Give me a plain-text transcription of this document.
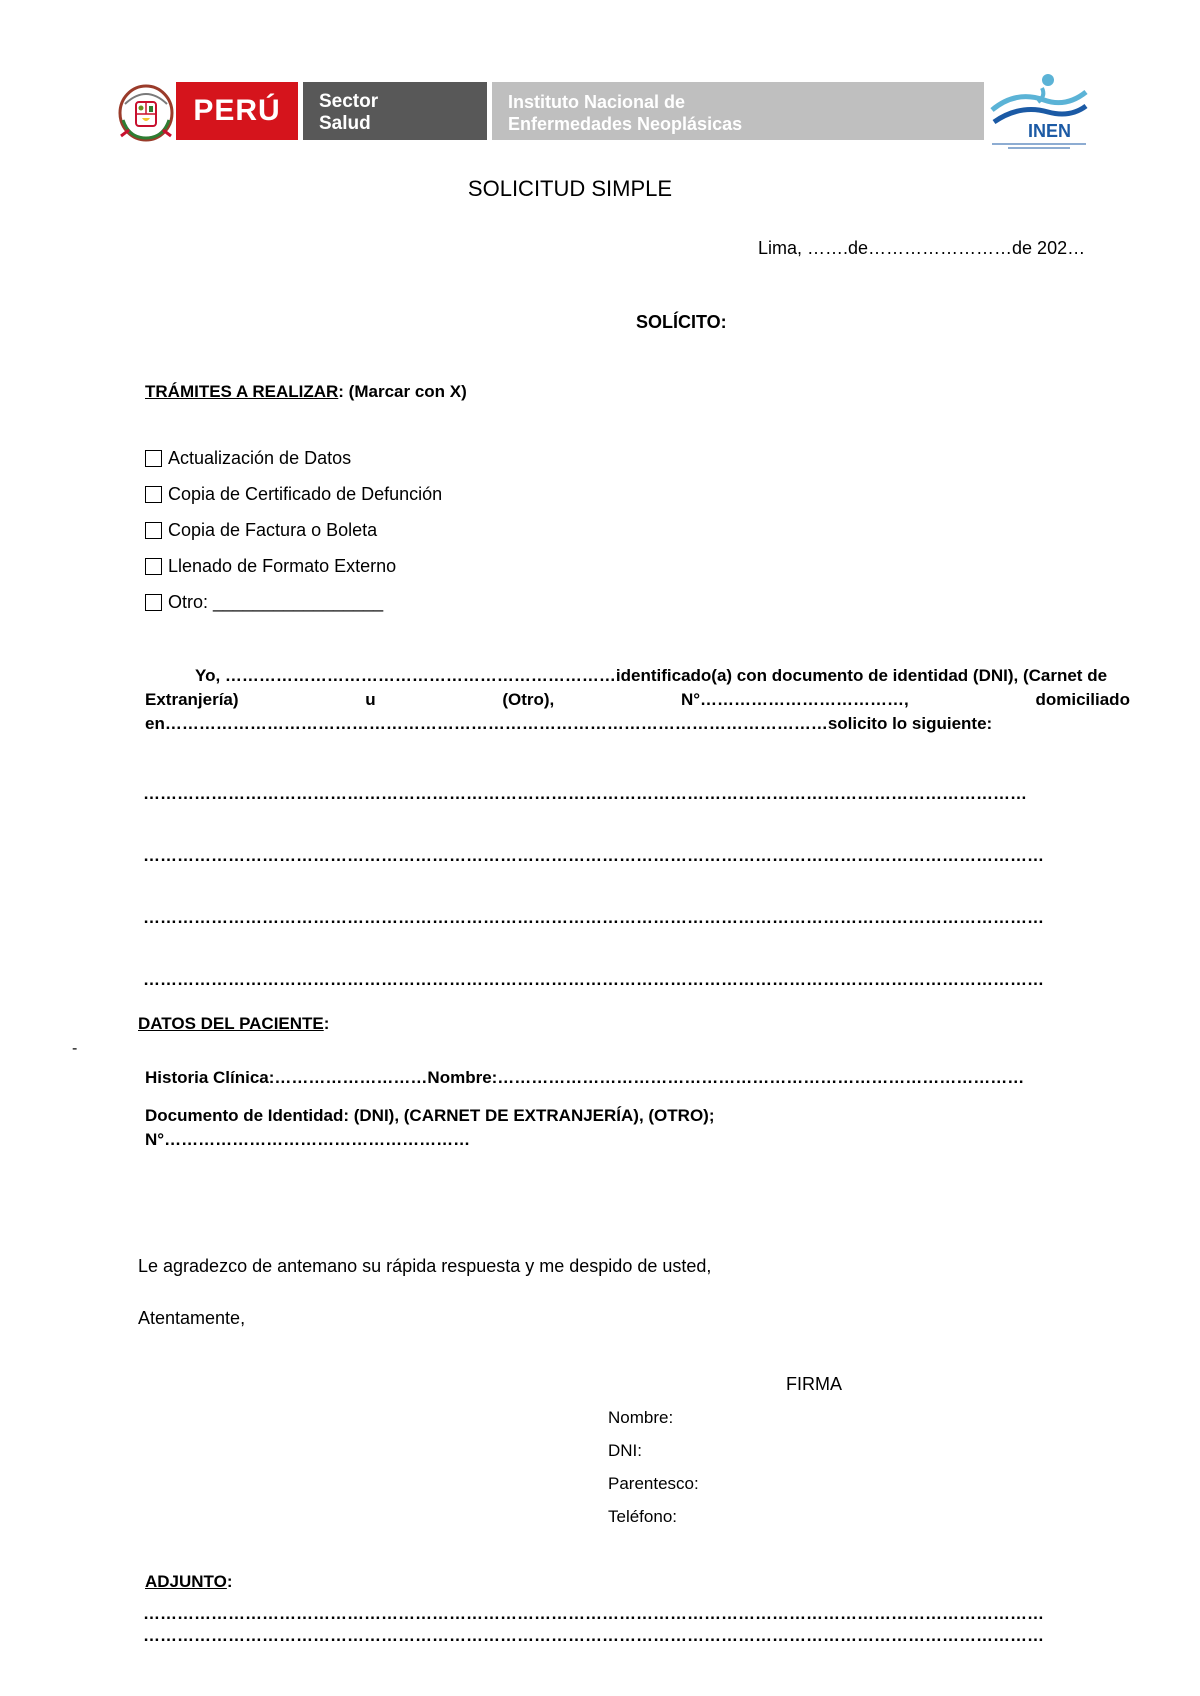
PERÚ Sector
Salud
Instituto Nacional de
Enfermedades Neoplásicas	INEN
SOLICITUD SIMPLE
Lima, …….de……………………de 202…
SOLÍCITO:
TRÁMITES A REALIZAR: (Marcar con X)
Actualización de Datos
Copia de Certificado de Defunción
Copia de Factura o Boleta
Llenado de Formato Externo
Otro: _________________
Yo, ……………………………………………………………identificado(a) con documento de identidad (DNI), (Carnet de
Extranjería)	u	(Otro),	N°………………………………,	domiciliado
en………………………………………………………………………………………………………solicito lo siguiente:
…………………………………………………………………………………………………………………………………………
……………………………………………………………………………………………………………………………………………
……………………………………………………………………………………………………………………………………………
……………………………………………………………………………………………………………………………………………
DATOS DEL PACIENTE:
-
Historia Clínica:………………………Nombre:…………………………………………………………………………………
Documento de Identidad: (DNI), (CARNET DE EXTRANJERÍA), (OTRO);
N°………………………………………………
Le agradezco de antemano su rápida respuesta y me despido de usted,
Atentamente,
FIRMA
Nombre:
DNI:
Parentesco:
Teléfono:
ADJUNTO:
……………………………………………………………………………………………………………………………………………
……………………………………………………………………………………………………………………………………………
